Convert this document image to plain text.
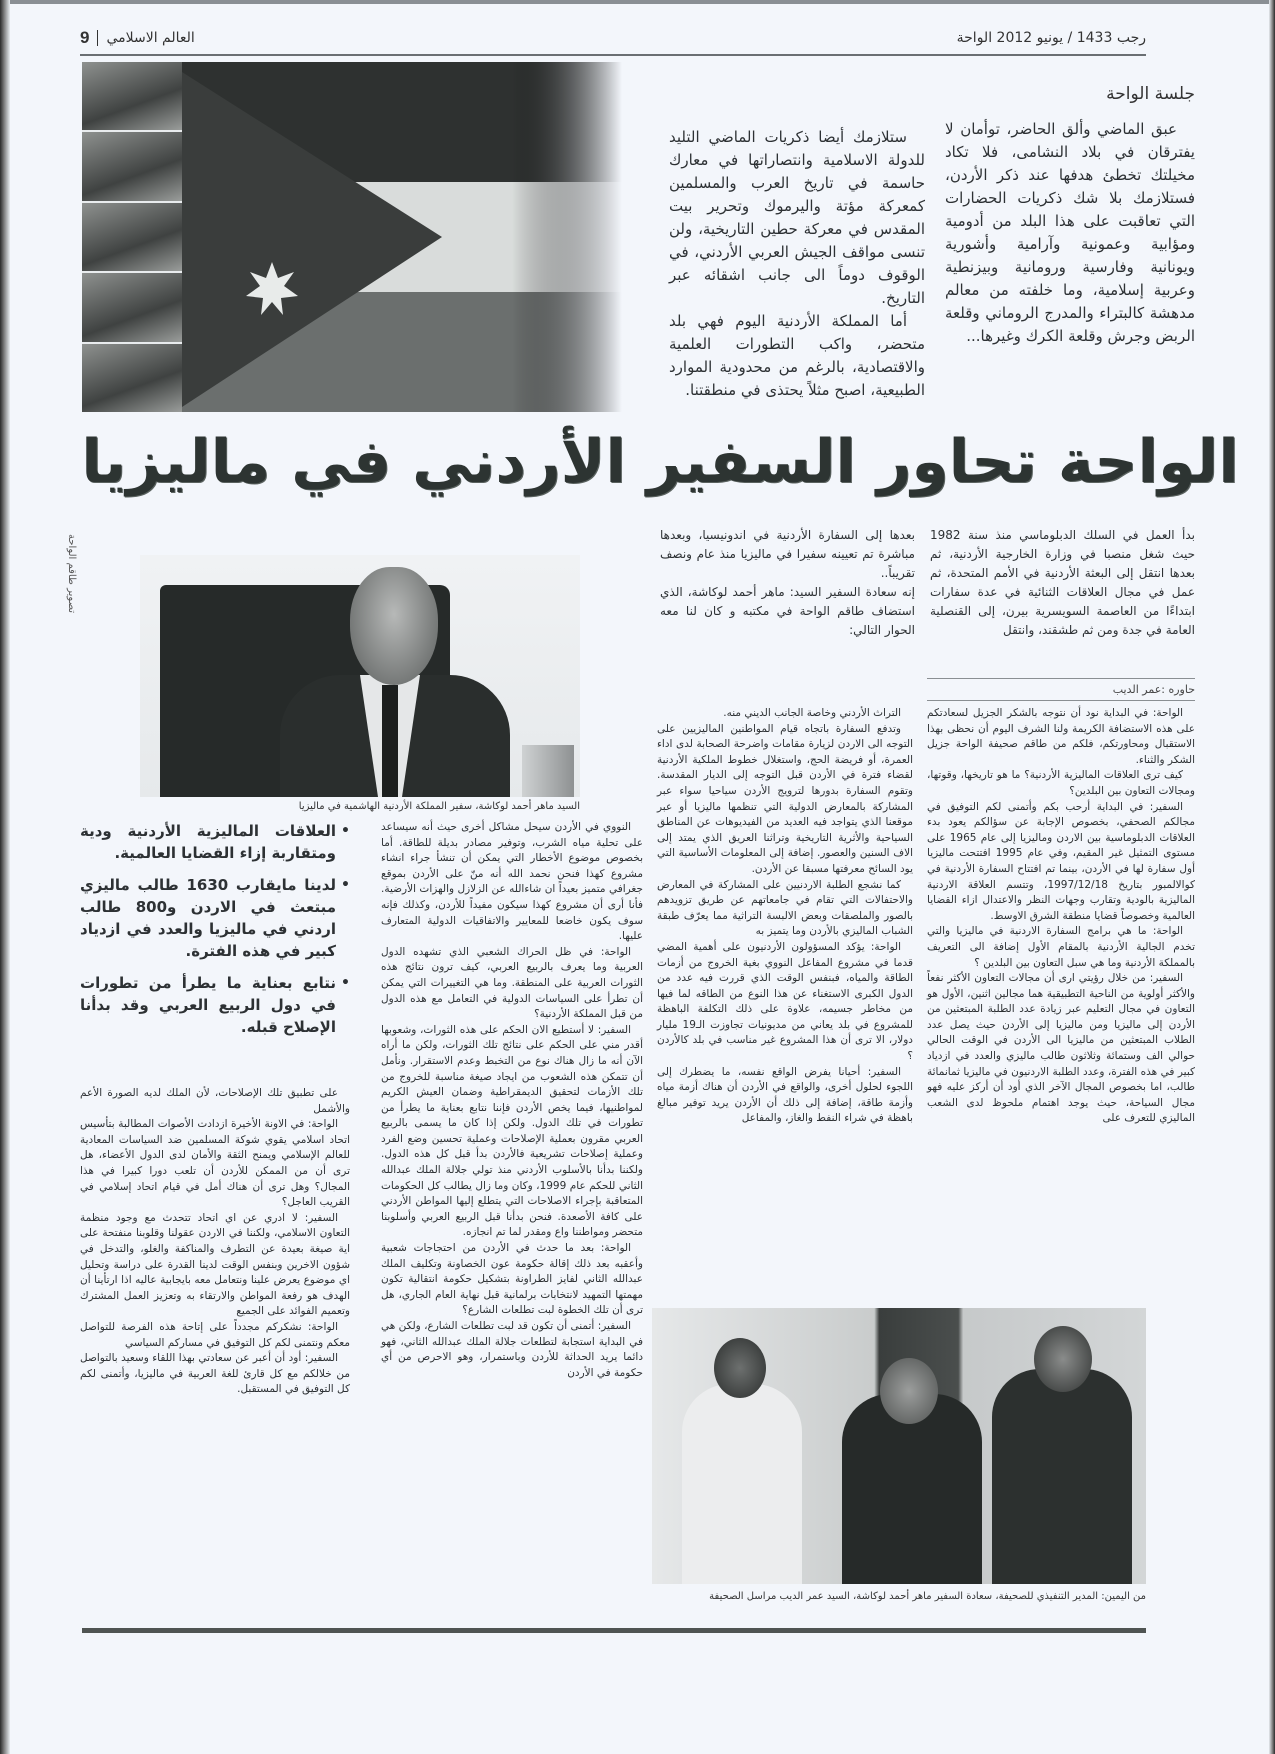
رجب 1433 / يونيو 2012 الواحة
العالم الاسلامي
9
جلسة الواحة

عبق الماضي وألق الحاضر، توأمان لا يفترقان في بلاد النشامى، فلا تكاد مخيلتك تخطئ هدفها عند ذكر الأردن، فستلازمك بلا شك ذكريات الحضارات التي تعاقبت على هذا البلد من أدومية ومؤابية وعمونية وآرامية وأشورية ويونانية وفارسية ورومانية وبيزنطية وعربية إسلامية، وما خلفته من معالم مدهشة كالبتراء والمدرج الروماني وقلعة الربض وجرش وقلعة الكرك وغيرها...

ستلازمك أيضا ذكريات الماضي التليد للدولة الاسلامية وانتصاراتها في معارك حاسمة في تاريخ العرب والمسلمين كمعركة مؤتة واليرموك وتحرير بيت المقدس في معركة حطين التاريخية، ولن تنسى مواقف الجيش العربي الأردني، في الوقوف دوماً الى جانب اشقائه عبر التاريخ.

أما المملكة الأردنية اليوم فهي بلد متحضر، واكب التطورات العلمية والاقتصادية، بالرغم من محدودية الموارد الطبيعية، اصبح مثلاً يحتذى في منطقتنا.

الواحة تحاور السفير الأردني في ماليزيا

بدأ العمل في السلك الدبلوماسي منذ سنة 1982 حيث شغل منصبا في وزارة الخارجية الأردنية، ثم بعدها انتقل إلى البعثة الأردنية في الأمم المتحدة، ثم عمل في مجال العلاقات الثنائية في عدة سفارات ابتداءًا من العاصمة السويسرية بيرن، إلى القنصلية العامة في جدة ومن ثم طشقند، وانتقل

بعدها إلى السفارة الأردنية في اندونيسيا، وبعدها مباشرة تم تعيينه سفيرا في ماليزيا منذ عام ونصف تقريباً..

إنه سعادة السفير السيد: ماهر أحمد لوكاشة، الذي استضاف طاقم الواحة في مكتبه و كان لنا معه الحوار التالي:

حاوره :عمر الديب
تصوير طاقم الواحة
السيد ماهر أحمد لوكاشة، سفير المملكة الأردنية الهاشمية في ماليزيا

الواحة: في البداية نود أن نتوجه بالشكر الجزيل لسعادتكم على هذه الاستضافة الكريمة ولنا الشرف اليوم أن نحظى بهذا الاستقبال ومحاورتكم، فلكم من طاقم صحيفة الواحة جزيل الشكر والثناء.

كيف ترى العلاقات الماليزية الأردنية؟ ما هو تاريخها، وقوتها، ومجالات التعاون بين البلدين؟

السفير: في البداية أرحب بكم وأتمنى لكم التوفيق في مجالكم الصحفي، بخصوص الإجابة عن سؤالكم يعود بدء العلاقات الدبلوماسية بين الاردن وماليزيا إلى عام 1965 على مستوى التمثيل غير المقيم، وفي عام 1995 افتتحت ماليزيا أول سفارة لها في الأردن، بينما تم افتتاح السفارة الأردنية في كوالالمبور بتاريخ 1997/12/18، وتتسم العلاقة الاردنية الماليزية بالودية وتقارب وجهات النظر والاعتدال ازاء القضايا العالمية وخصوصاً قضايا منطقة الشرق الاوسط.

الواحة: ما هي برامج السفارة الاردنية في ماليزيا والتي تخدم الجالية الأردنية بالمقام الأول إضافة الى التعريف بالمملكة الأردنية وما هي سبل التعاون بين البلدين ؟

السفير: من خلال رؤيتي ارى أن مجالات التعاون الأكثر نفعاً والأكثر أولوية من الناحية التطبيقية هما مجالين اثنين، الأول هو التعاون في مجال التعليم عبر زيادة عدد الطلبة المبتعثين من الأردن إلى ماليزيا ومن ماليزيا إلى الأردن حيث يصل عدد الطلاب المبتعثين من ماليزيا الى الأردن في الوقت الحالي حوالي الف وستمائة وثلاثون طالب ماليزي والعدد في ازدياد كبير في هذه الفترة، وعدد الطلبة الاردنيون في ماليزيا ثمانمائة طالب، اما بخصوص المجال الآخر الذي أود أن أركز عليه فهو مجال السياحة، حيث يوجد اهتمام ملحوظ لدى الشعب الماليزي للتعرف على

التراث الأردني وخاصة الجانب الديني منه.

وتدفع السفارة باتجاه قيام المواطنين الماليزيين على التوجه الى الاردن لزيارة مقامات واضرحة الصحابة لدى اداء العمرة، أو فريضة الحج، واستغلال خطوط الملكية الأردنية لقضاء فترة في الأردن قبل التوجه إلى الديار المقدسة. وتقوم السفارة بدورها لترويج الأردن سياحيا سواء عبر المشاركة بالمعارض الدولية التي تنظمها ماليزيا أو عبر موقعنا الذي يتواجد فيه العديد من الفيديوهات عن المناطق السياحية والأثرية التاريخية وتراثنا العريق الذي يمتد إلى الاف السنين والعصور. إضافة إلى المعلومات الأساسية التي يود السائح معرفتها مسبقا عن الأردن.

كما نشجع الطلبة الاردنيين على المشاركة في المعارض والاحتفالات التي تقام في جامعاتهم عن طريق تزويدهم بالصور والملصقات وبعض الالبسة التراثية مما يعرّف طبقة الشباب الماليزي بالأردن وما يتميز به

الواحة: يؤكد المسؤولون الأردنيون على أهمية المضي قدما في مشروع المفاعل النووي بغية الخروج من أزمات الطاقة والمياه، فبنفس الوقت الذي قررت فيه عدد من الدول الكبرى الاستغناء عن هذا النوع من الطاقه لما فيها من مخاطر جسيمه، علاوة على ذلك التكلفة الباهظة للمشروع في بلد يعاني من مديونيات تجاوزت الـ19 مليار دولار، الا ترى أن هذا المشروع غير مناسب في بلد كالأردن ؟

السفير: أحيانا يفرض الواقع نفسه، ما يضطرك إلى اللجوء لحلول أخرى، والواقع في الأردن أن هناك أزمة مياه وأزمة طاقة، إضافة إلى ذلك أن الأردن يريد توفير مبالغ باهظة في شراء النفط والغاز، والمفاعل

النووي في الأردن سيحل مشاكل أخرى حيث أنه سيساعد على تحلية مياه الشرب، وتوفير مصادر بديلة للطاقة. أما بخصوص موضوع الأخطار التي يمكن أن تنشأ جراء انشاء مشروع كهذا فنحن نحمد الله أنه منّ على الأردن بموقع جغرافي متميز بعيداً ان شاءالله عن الزلازل والهزات الأرضية. فأنا أرى أن مشروع كهذا سيكون مفيداً للأردن، وكذلك فإنه سوف يكون خاضعا للمعايير والاتفاقيات الدولية المتعارف عليها.

الواحة: في ظل الحراك الشعبي الذي تشهده الدول العربية وما يعرف بالربيع العربي، كيف ترون نتائج هذه الثورات العربية على المنطقة. وما هي التغييرات التي يمكن أن تطرأ على السياسات الدولية في التعامل مع هذه الدول من قبل المملكة الأردنية؟

السفير: لا أستطيع الان الحكم على هذه الثورات، وشعوبها أقدر مني على الحكم على نتائج تلك الثورات، ولكن ما أراه الآن أنه ما زال هناك نوع من التخبط وعدم الاستقرار. ونأمل أن تتمكن هذه الشعوب من ايجاد صيغة مناسبة للخروج من تلك الأزمات لتحقيق الديمقراطية وضمان العيش الكريم لمواطنيها، فيما يخص الأردن فإننا نتابع بعناية ما يطرأ من تطورات في تلك الدول. ولكن إذا كان ما يسمى بالربيع العربي مقرون بعملية الإصلاحات وعملية تحسين وضع الفرد وعملية إصلاحات تشريعية فالأردن بدأ قبل كل هذه الدول. ولكننا بدأنا بالأسلوب الأردني منذ تولي جلالة الملك عبدالله الثاني للحكم عام 1999، وكان وما زال يطالب كل الحكومات المتعاقبة بإجراء الاصلاحات التي يتطلع إليها المواطن الأردني على كافة الأصعدة. فنحن بدأنا قبل الربيع العربي وأسلوبنا متحضر ومواطننا واع ومقدر لما تم انجازه.

الواحة: بعد ما حدث في الأردن من احتجاجات شعبية وأعقبه بعد ذلك إقالة حكومة عون الخصاونة وتكليف الملك عبدالله الثاني لفايز الطراونة بتشكيل حكومة انتقالية تكون مهمتها التمهيد لانتخابات برلمانية قبل نهاية العام الجاري، هل ترى أن تلك الخطوة لبت تطلعات الشارع؟

السفير: أتمنى أن تكون قد لبت تطلعات الشارع، ولكن هي في البداية استجابة لتطلعات جلالة الملك عبدالله الثاني، فهو دائما يريد الحداثة للأردن وباستمرار، وهو الاحرص من أي حكومة في الأردن

• العلاقات الماليزية الأردنية ودية ومتقاربة إزاء القضايا العالمية.
• لدينا مايقارب 1630 طالب ماليزي مبتعث في الاردن و800 طالب اردني في ماليزيا والعدد في ازدياد كبير في هذه الفترة.
• نتابع بعناية ما يطرأ من تطورات في دول الربيع العربي وقد بدأنا الإصلاح قبله.

على تطبيق تلك الإصلاحات، لأن الملك لديه الصورة الأعم والأشمل

الواحة: في الاونة الأخيرة ازدادت الأصوات المطالبة بتأسيس اتحاد اسلامي يقوي شوكة المسلمين ضد السياسات المعادية للعالم الإسلامي ويمنح الثقة والأمان لدى الدول الأعضاء، هل ترى أن من الممكن للأردن أن تلعب دورا كبيرا في هذا المجال؟ وهل ترى أن هناك أمل في قيام اتحاد إسلامي في القريب العاجل؟

السفير: لا ادري عن اي اتحاد تتحدث مع وجود منظمة التعاون الاسلامي، ولكننا في الاردن عقولنا وقلوبنا منفتحة على اية صيغة بعيدة عن التطرف والمناكفة والغلو، والتدخل في شؤون الاخرين وبنفس الوقت لدينا القدرة على دراسة وتحليل اي موضوع يعرض علينا ونتعامل معه بايجابية عاليه اذا ارتأينا أن الهدف هو رفعة المواطن والارتقاء به وتعزيز العمل المشترك وتعميم الفوائد على الجميع

الواحة: نشكركم مجدداً على إتاحة هذه الفرصة للتواصل معكم ونتمنى لكم كل التوفيق في مساركم السياسي

السفير: أود أن أعبر عن سعادتي بهذا اللقاء وسعيد بالتواصل من خلالكم مع كل قارئ للغة العربية في ماليزيا، وأتمنى لكم كل التوفيق في المستقبل.

من اليمين: المدير التنفيذي للصحيفة، سعادة السفير ماهر أحمد لوكاشة، السيد عمر الديب مراسل الصحيفة
